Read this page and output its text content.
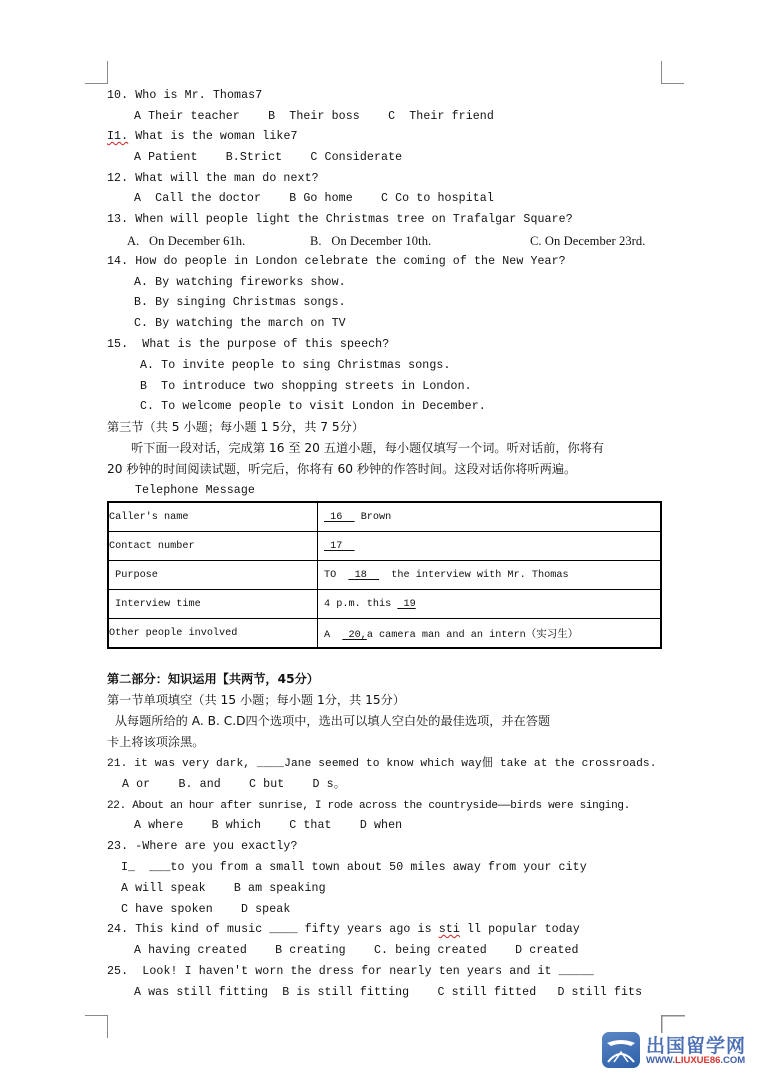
10. Who is Mr. Thomas7
A Their teacher    B  Their boss    C  Their friend
I1. What is the woman like7
A Patient    B.Strict    C Considerate
12. What will the man do next?
A  Call the doctor    B Go home    C Co to hospital
13. When will people light the Christmas tree on Trafalgar Square?
A.   On December 61h.	B.   On December 10th.	C. On December 23rd.
14. How do people in London celebrate the coming of the New Year?
A. By watching fireworks show.
B. By singing Christmas songs.
C. By watching the march on TV
15.  What is the purpose of this speech?
A. To invite people to sing Christmas songs.
B  To introduce two shopping streets in London.
C. To welcome people to visit London in December.
第三节（共 5 小题；每小题 1 5分，共 7 5分）
听下面一段对话，完成第 16 至 20 五道小题，每小题仅填写一个词。听对话前，你将有
20 秒钟的时间阅读试题，听完后，你将有 60 秒钟的作答时间。这段对话你将听两遍。
Telephone Message
Caller's name	16   Brown
Contact number	17
Purpose	TO   18    the interview with Mr. Thomas
Interview time	4 p.m. this  19
Other people involved	A   20,a camera man and an intern（实习生）
第二部分：知识运用【共两节，45分）
第一节单项填空（共 15 小题；每小题 1分，共 15分）
从每题所给的 A. B. C.D四个选项中，选出可以填人空白处的最佳选项，并在答题
卡上将该项涂黑。
21. it was very dark, ____Jane seemed to know which way佃 take at the crossroads.
A or    B. and    C but    D s。
22. About an hour after sunrise, I rode across the countryside——birds were singing.
A where    B which    C that    D when
23. -Where are you exactly?
I_  ___to you from a small town about 50 miles away from your city
A will speak    B am speaking
C have spoken    D speak
24. This kind of music ____ fifty years ago is sti ll popular today
A having created    B creating    C. being created    D created
25.  Look! I haven't worn the dress for nearly ten years and it _____
A was still fitting  B is still fitting    C still fitted   D still fits
出国留学网
WWW.LIUXUE86.COM
